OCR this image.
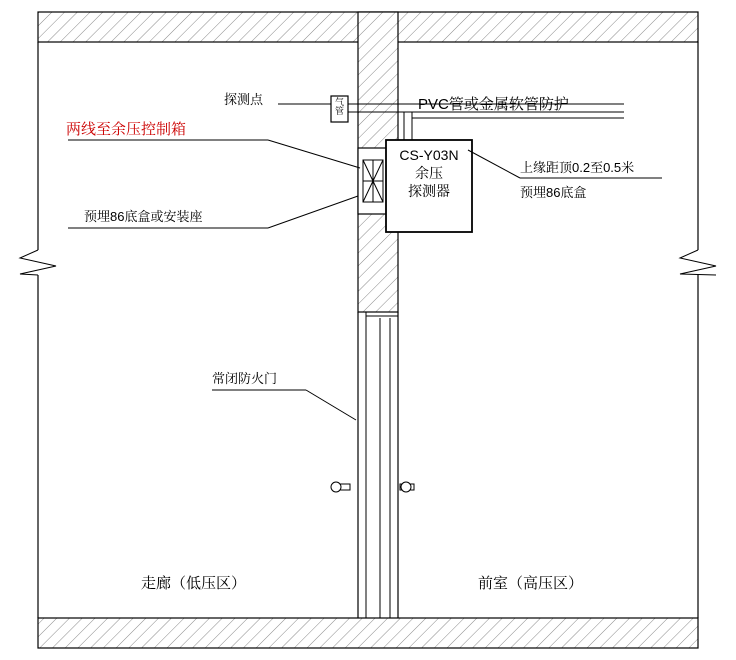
气
管
CS-Y03N
余压
探测器
探测点	PVC管或金属软管防护
两线至余压控制箱
预埋86底盒或安装座
上缘距顶0.2至0.5米
预埋86底盒
常闭防火门
走廊（低压区）	前室（高压区）
